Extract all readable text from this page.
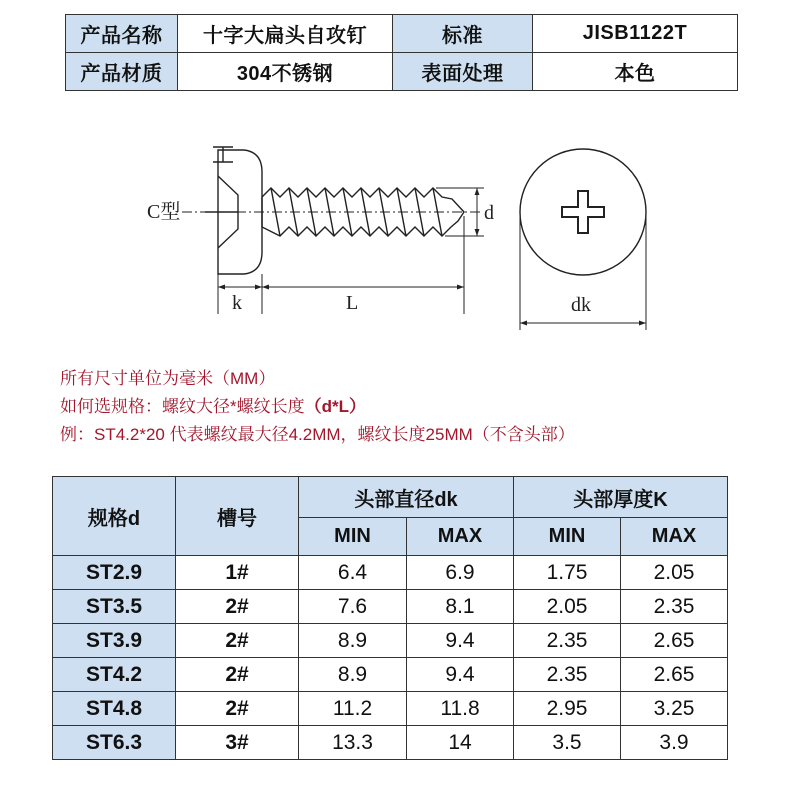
产品名称	十字大扁头自攻钉	标准	JISB1122T
产品材质	304不锈钢	表面处理	本色
C型	d
k	L	dk
所有尺寸单位为毫米（MM）
如何选规格：螺纹大径*螺纹长度（d*L）
例：ST4.2*20 代表螺纹最大径4.2MM，螺纹长度25MM（不含头部）
规格d	槽号	头部直径dk		头部厚度K	
		MIN	MAX	MIN	MAX
ST2.9	1#	6.4	6.9	1.75	2.05
ST3.5	2#	7.6	8.1	2.05	2.35
ST3.9	2#	8.9	9.4	2.35	2.65
ST4.2	2#	8.9	9.4	2.35	2.65
ST4.8	2#	11.2	11.8	2.95	3.25
ST6.3	3#	13.3	14	3.5	3.9
